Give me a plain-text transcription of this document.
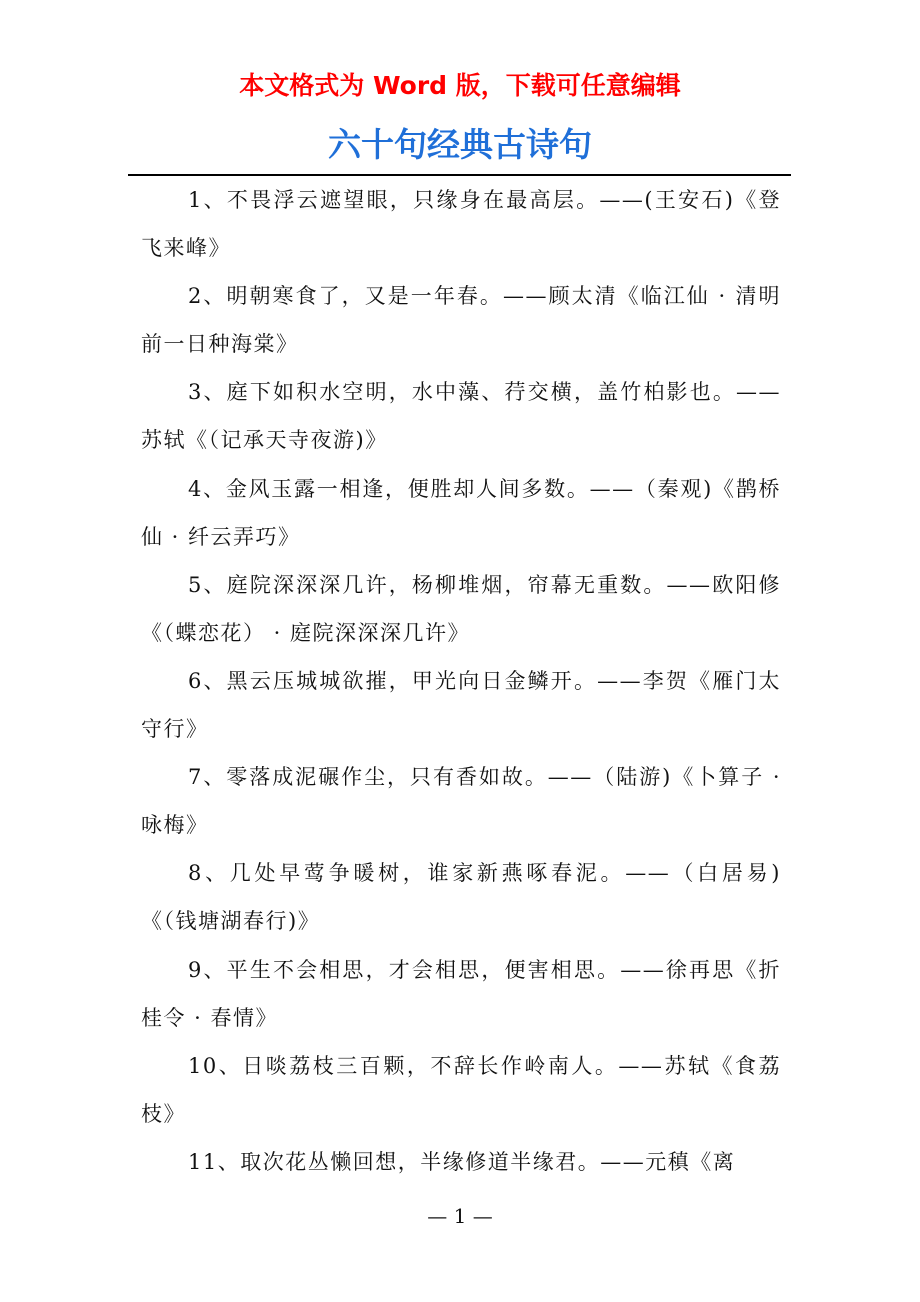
本文格式为 Word 版，下载可任意编辑

六十句经典古诗句

1、不畏浮云遮望眼，只缘身在最高层。——(王安石)《登飞来峰》

2、明朝寒食了，又是一年春。——顾太清《临江仙 · 清明前一日种海棠》

3、庭下如积水空明，水中藻、荇交横，盖竹柏影也。——苏轼《（记承天寺夜游)》

4、金风玉露一相逢，便胜却人间多数。——（秦观)《鹊桥仙 · 纤云弄巧》

5、庭院深深深几许，杨柳堆烟，帘幕无重数。——欧阳修《（蝶恋花） · 庭院深深深几许》

6、黑云压城城欲摧，甲光向日金鳞开。——李贺《雁门太守行》

7、零落成泥碾作尘，只有香如故。——（陆游)《卜算子 · 咏梅》

8、几处早莺争暖树，谁家新燕啄春泥。——（白居易)《（钱塘湖春行)》

9、平生不会相思，才会相思，便害相思。——徐再思《折桂令 · 春情》

10、日啖荔枝三百颗，不辞长作岭南人。——苏轼《食荔枝》

11、取次花丛懒回想，半缘修道半缘君。——元稹《离

— 1 —
